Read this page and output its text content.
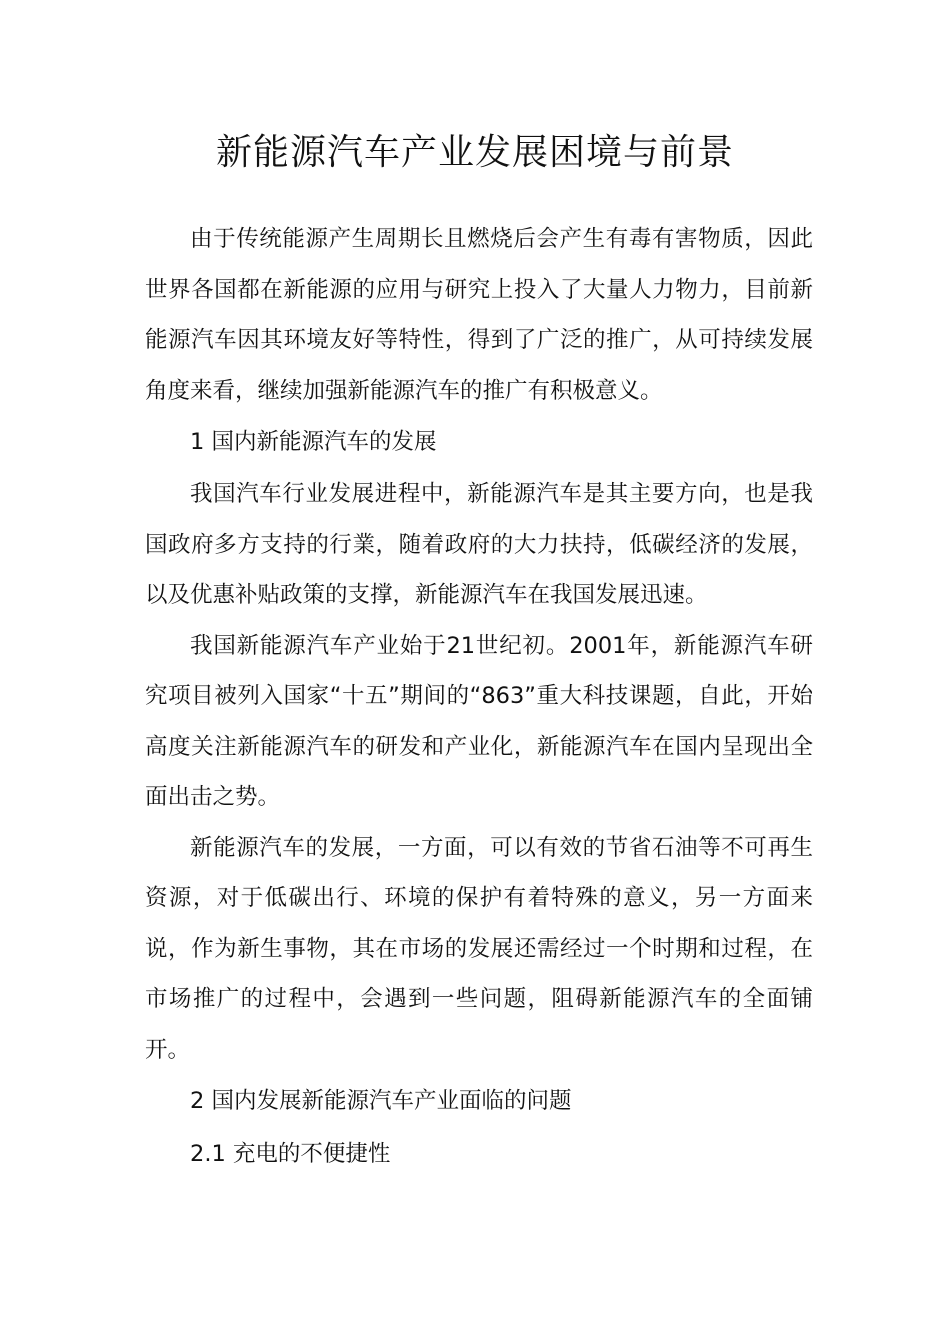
新能源汽车产业发展困境与前景

由于传统能源产生周期长且燃烧后会产生有毒有害物质，因此世界各国都在新能源的应用与研究上投入了大量人力物力，目前新能源汽车因其环境友好等特性，得到了广泛的推广，从可持续发展角度来看，继续加强新能源汽车的推广有积极意义。

1 国内新能源汽车的发展

我国汽车行业发展进程中，新能源汽车是其主要方向，也是我国政府多方支持的行業，随着政府的大力扶持，低碳经济的发展，以及优惠补贴政策的支撑，新能源汽车在我国发展迅速。

我国新能源汽车产业始于21世纪初。2001年，新能源汽车研究项目被列入国家“十五”期间的“863”重大科技课题，自此，开始高度关注新能源汽车的研发和产业化，新能源汽车在国内呈现出全面出击之势。

新能源汽车的发展，一方面，可以有效的节省石油等不可再生资源，对于低碳出行、环境的保护有着特殊的意义，另一方面来说，作为新生事物，其在市场的发展还需经过一个时期和过程，在市场推广的过程中，会遇到一些问题，阻碍新能源汽车的全面铺开。

2 国内发展新能源汽车产业面临的问题

2.1 充电的不便捷性
